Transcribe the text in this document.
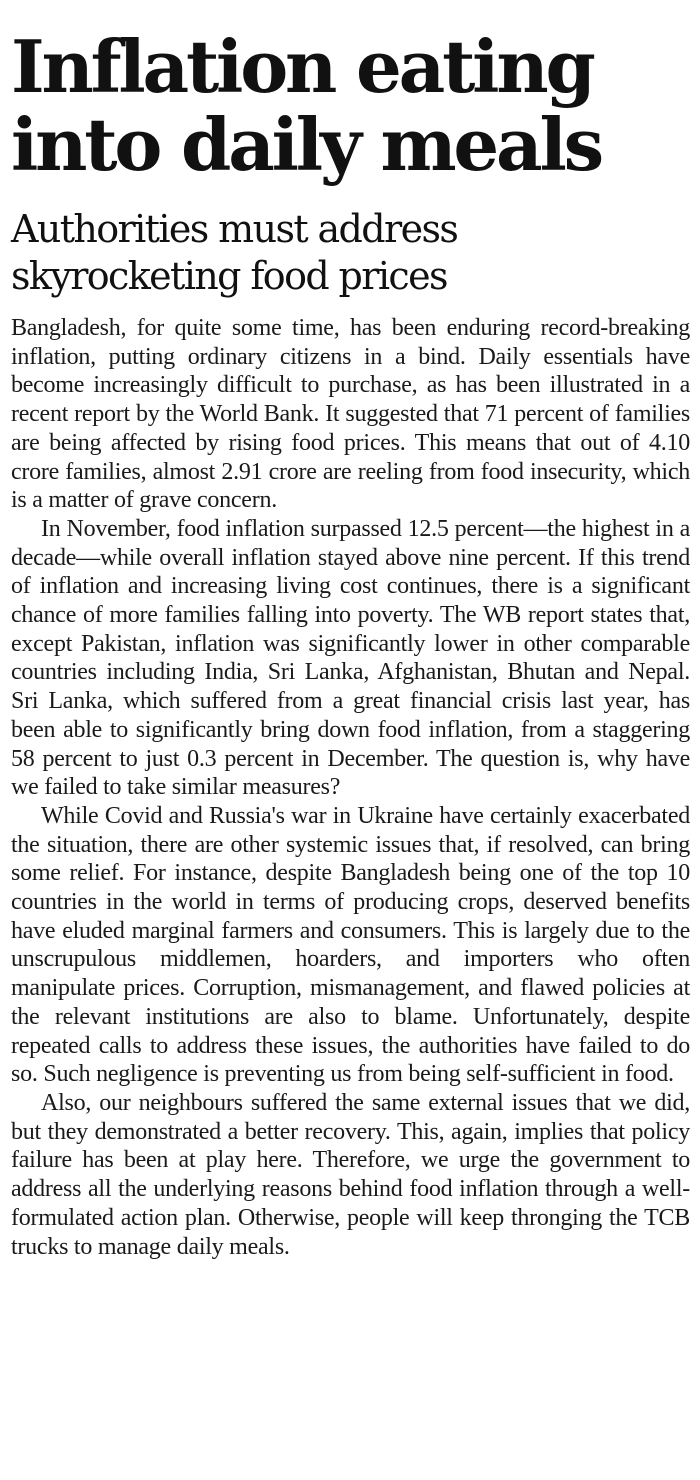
Inflation eating
into daily meals
Authorities must address
skyrocketing food prices

Bangladesh, for quite some time, has been enduring record-breaking inflation, putting ordinary citizens in a bind. Daily essentials have become increasingly difficult to purchase, as has been illustrated in a recent report by the World Bank. It suggested that 71 percent of families are being affected by rising food prices. This means that out of 4.10 crore families, almost 2.91 crore are reeling from food insecurity, which is a matter of grave concern.

In November, food inflation surpassed 12.5 percent—the highest in a decade—while overall inflation stayed above nine percent. If this trend of inflation and increasing living cost continues, there is a significant chance of more families falling into poverty. The WB report states that, except Pakistan, inflation was significantly lower in other comparable countries including India, Sri Lanka, Afghanistan, Bhutan and Nepal. Sri Lanka, which suffered from a great financial crisis last year, has been able to significantly bring down food inflation, from a staggering 58 percent to just 0.3 percent in December. The question is, why have we failed to take similar measures?

While Covid and Russia's war in Ukraine have certainly exacerbated the situation, there are other systemic issues that, if resolved, can bring some relief. For instance, despite Bangladesh being one of the top 10 countries in the world in terms of producing crops, deserved benefits have eluded marginal farmers and consumers. This is largely due to the unscrupulous middlemen, hoarders, and importers who often manipulate prices. Corruption, mismanagement, and flawed policies at the relevant institutions are also to blame. Unfortunately, despite repeated calls to address these issues, the authorities have failed to do so. Such negligence is preventing us from being self-sufficient in food.

Also, our neighbours suffered the same external issues that we did, but they demonstrated a better recovery. This, again, implies that policy failure has been at play here. Therefore, we urge the government to address all the underlying reasons behind food inflation through a well-formulated action plan. Otherwise, people will keep thronging the TCB trucks to manage daily meals.
